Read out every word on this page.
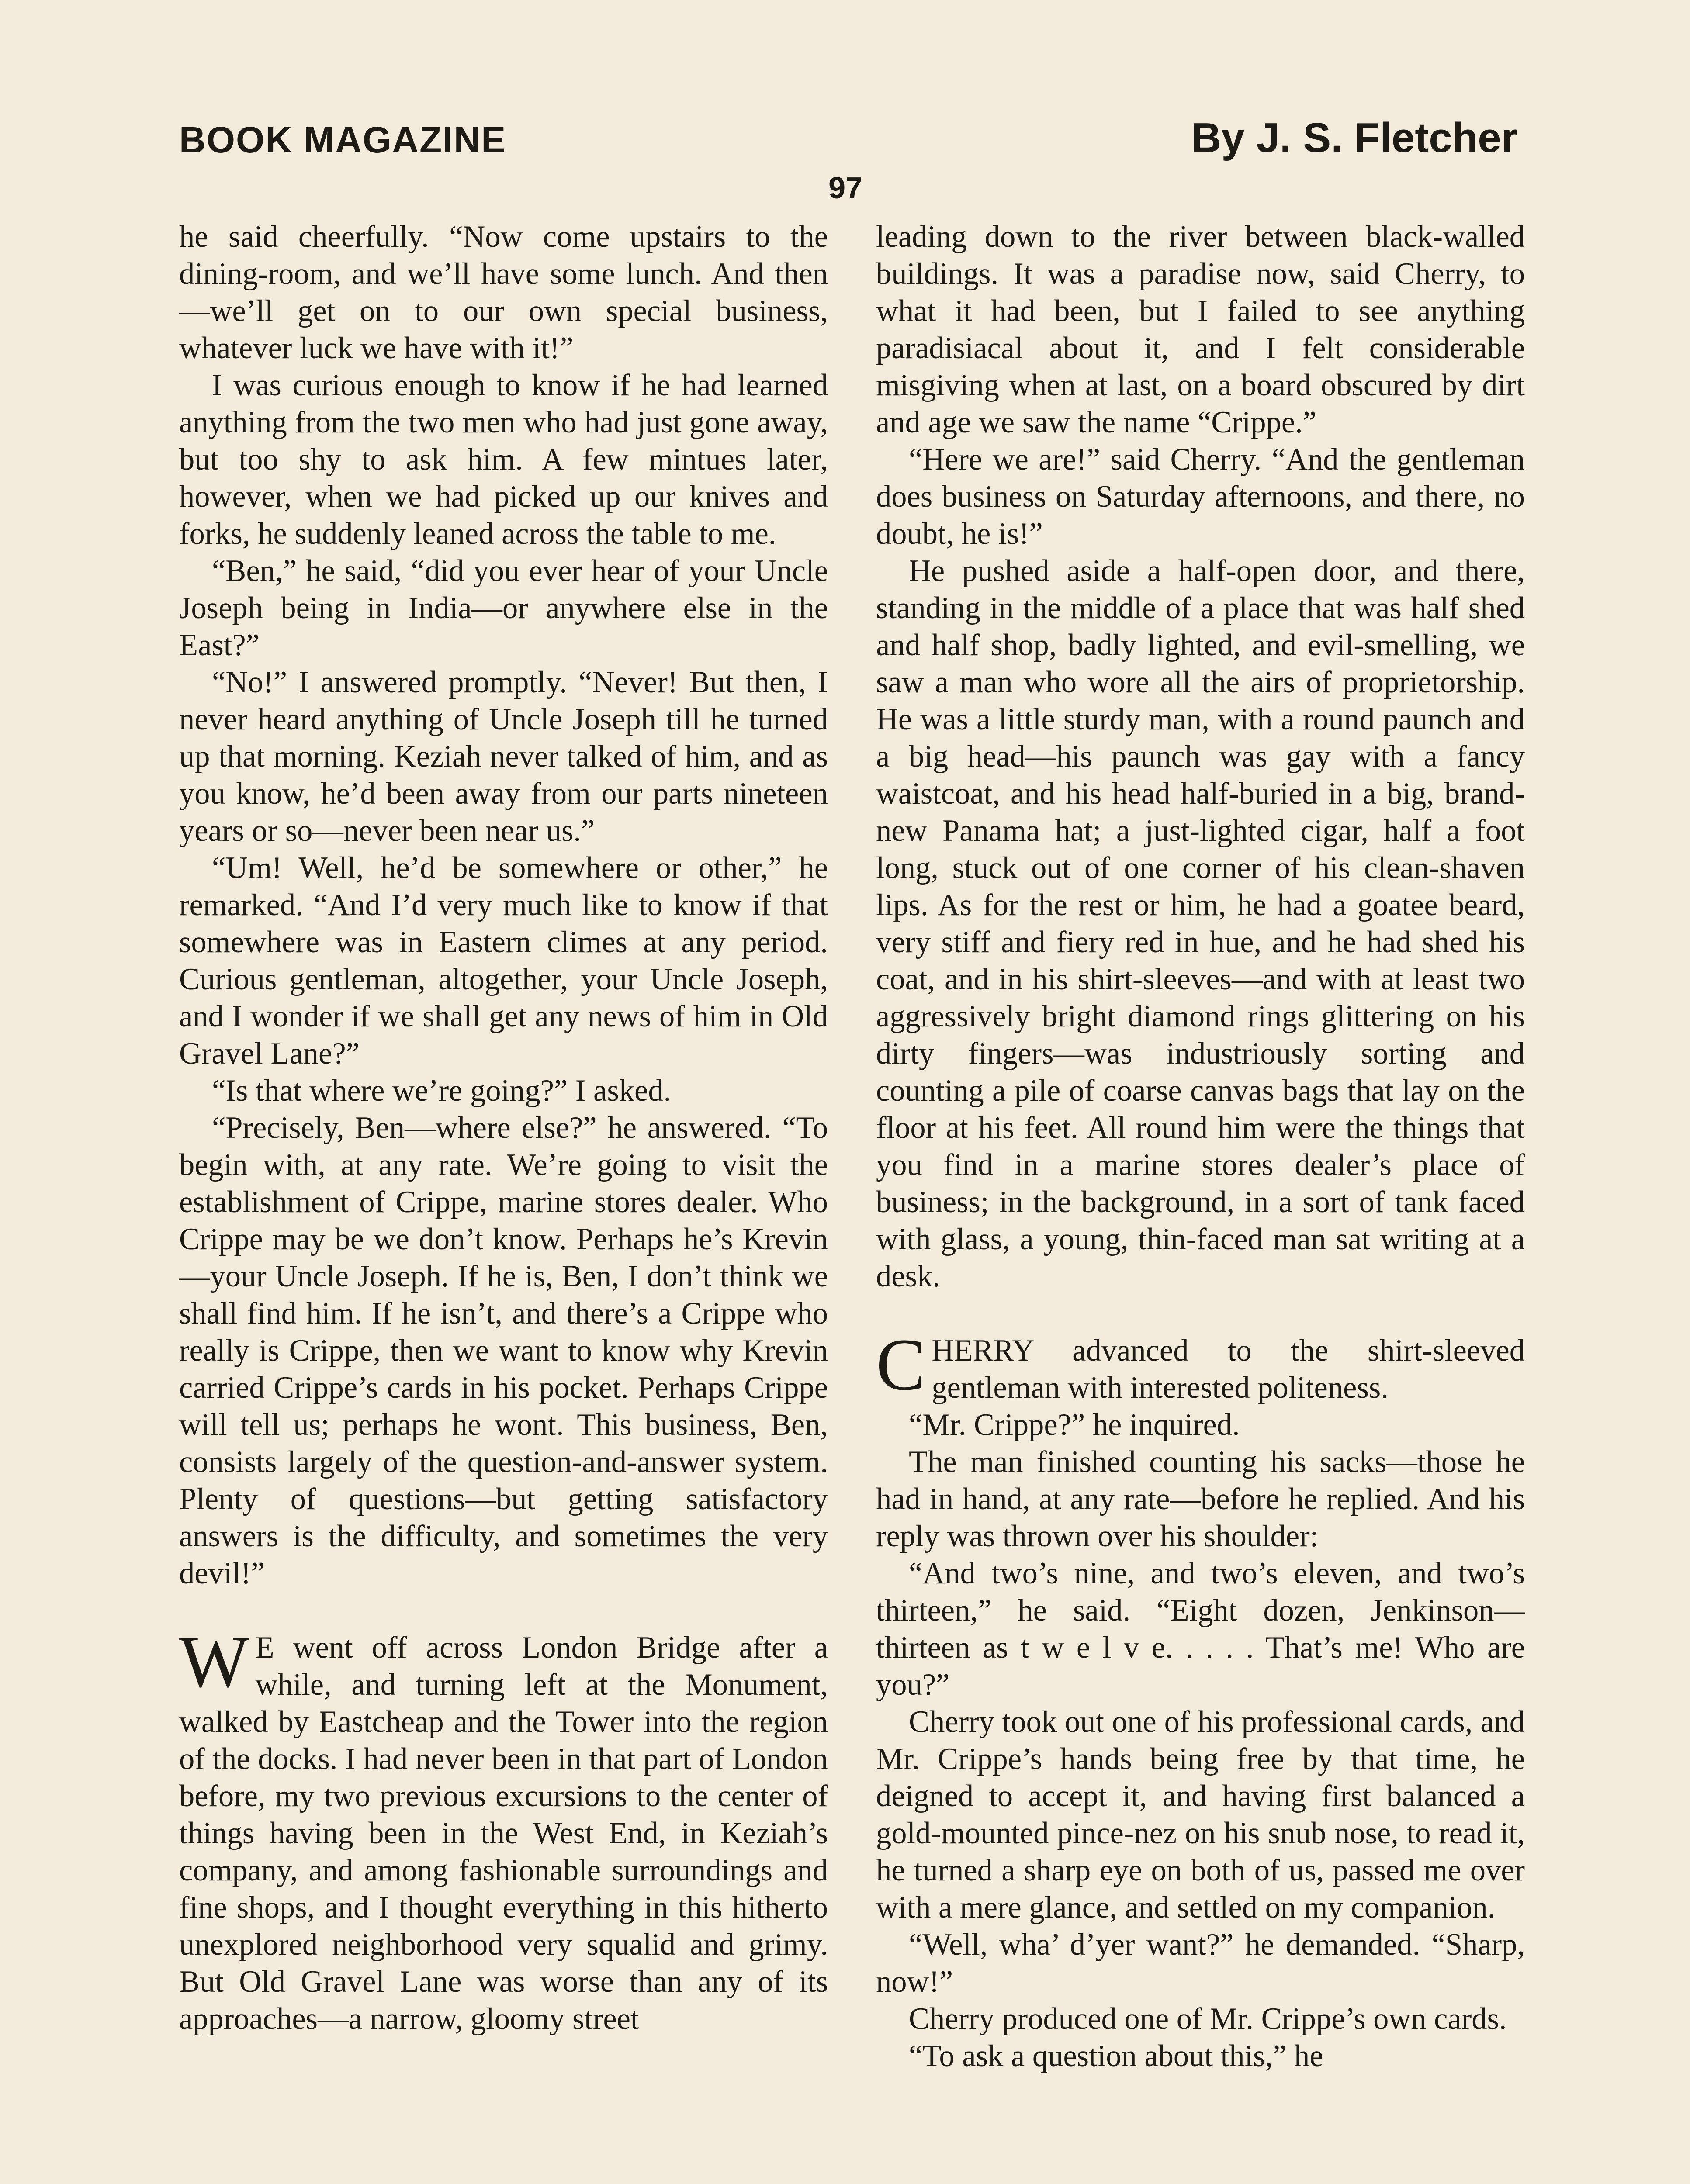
BOOK MAGAZINE	By J. S. Fletcher
97

he said cheerfully. “Now come upstairs to the dining-room, and we’ll have some lunch. And then—we’ll get on to our own special business, whatever luck we have with it!”

I was curious enough to know if he had learned anything from the two men who had just gone away, but too shy to ask him. A few mintues later, however, when we had picked up our knives and forks, he suddenly leaned across the table to me.

“Ben,” he said, “did you ever hear of your Uncle Joseph being in India—or anywhere else in the East?”

“No!” I answered promptly. “Never! But then, I never heard anything of Uncle Joseph till he turned up that morning. Keziah never talked of him, and as you know, he’d been away from our parts nineteen years or so—never been near us.”

“Um! Well, he’d be somewhere or other,” he remarked. “And I’d very much like to know if that somewhere was in Eastern climes at any period. Curious gentleman, altogether, your Uncle Joseph, and I wonder if we shall get any news of him in Old Gravel Lane?”

“Is that where we’re going?” I asked.

“Precisely, Ben—where else?” he answered. “To begin with, at any rate. We’re going to visit the establishment of Crippe, marine stores dealer. Who Crippe may be we don’t know. Perhaps he’s Krevin —your Uncle Joseph. If he is, Ben, I don’t think we shall find him. If he isn’t, and there’s a Crippe who really is Crippe, then we want to know why Krevin carried Crippe’s cards in his pocket. Perhaps Crippe will tell us; perhaps he wont. This business, Ben, consists largely of the question-and-answer system. Plenty of questions—but getting satisfactory answers is the difficulty, and sometimes the very devil!”

W E went off across London Bridge after a while, and turning left at the Monument, walked by Eastcheap and the Tower into the region of the docks. I had never been in that part of London before, my two previous excursions to the center of things having been in the West End, in Keziah’s company, and among fashionable surroundings and fine shops, and I thought everything in this hitherto unexplored neighborhood very squalid and grimy. But Old Gravel Lane was worse than any of its approaches—a narrow, gloomy street

leading down to the river between black-walled buildings. It was a paradise now, said Cherry, to what it had been, but I failed to see anything paradisiacal about it, and I felt considerable misgiving when at last, on a board obscured by dirt and age we saw the name “Crippe.”

“Here we are!” said Cherry. “And the gentleman does business on Saturday afternoons, and there, no doubt, he is!”

He pushed aside a half-open door, and there, standing in the middle of a place that was half shed and half shop, badly lighted, and evil-smelling, we saw a man who wore all the airs of proprietorship. He was a little sturdy man, with a round paunch and a big head—his paunch was gay with a fancy waistcoat, and his head half-buried in a big, brand-new Panama hat; a just-lighted cigar, half a foot long, stuck out of one corner of his clean-shaven lips. As for the rest or him, he had a goatee beard, very stiff and fiery red in hue, and he had shed his coat, and in his shirt-sleeves—and with at least two aggressively bright diamond rings glittering on his dirty fingers—was industriously sorting and counting a pile of coarse canvas bags that lay on the floor at his feet. All round him were the things that you find in a marine stores dealer’s place of business; in the background, in a sort of tank faced with glass, a young, thin-faced man sat writing at a desk.

CHERRY advanced to the shirt-sleeved gentleman with interested politeness.

“Mr. Crippe?” he inquired.

The man finished counting his sacks—those he had in hand, at any rate—before he replied. And his reply was thrown over his shoulder:

“And two’s nine, and two’s eleven, and two’s thirteen,” he said. “Eight dozen, Jenkinson—thirteen as t w e l v e. . . . . That’s me! Who are you?”

Cherry took out one of his professional cards, and Mr. Crippe’s hands being free by that time, he deigned to accept it, and having first balanced a gold-mounted pince-nez on his snub nose, to read it, he turned a sharp eye on both of us, passed me over with a mere glance, and settled on my companion.

“Well, wha’ d’yer want?” he demanded. “Sharp, now!”

Cherry produced one of Mr. Crippe’s own cards.

“To ask a question about this,” he
